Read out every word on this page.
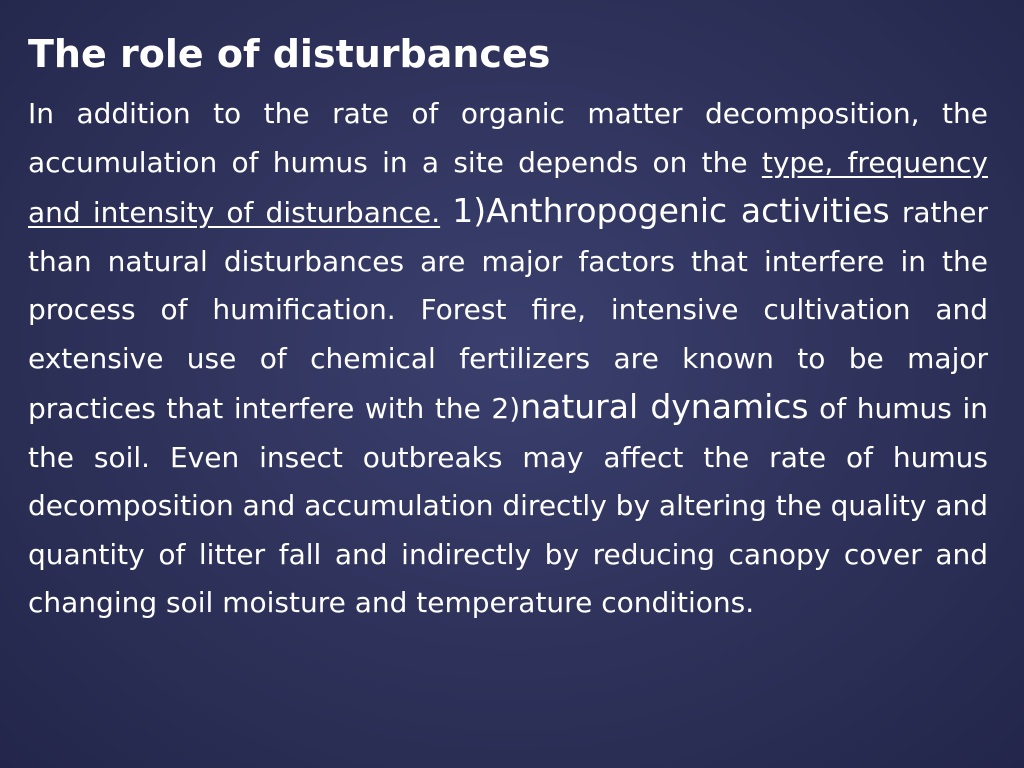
The role of disturbances

In addition to the rate of organic matter decomposition, the accumulation of humus in a site depends on the type, frequency and intensity of disturbance. 1)Anthropogenic activities rather than natural disturbances are major factors that interfere in the process of humification. Forest fire, intensive cultivation and extensive use of chemical fertilizers are known to be major practices that interfere with the 2)natural dynamics of humus in the soil. Even insect outbreaks may affect the rate of humus decomposition and accumulation directly by altering the quality and quantity of litter fall and indirectly by reducing canopy cover and changing soil moisture and temperature conditions.
